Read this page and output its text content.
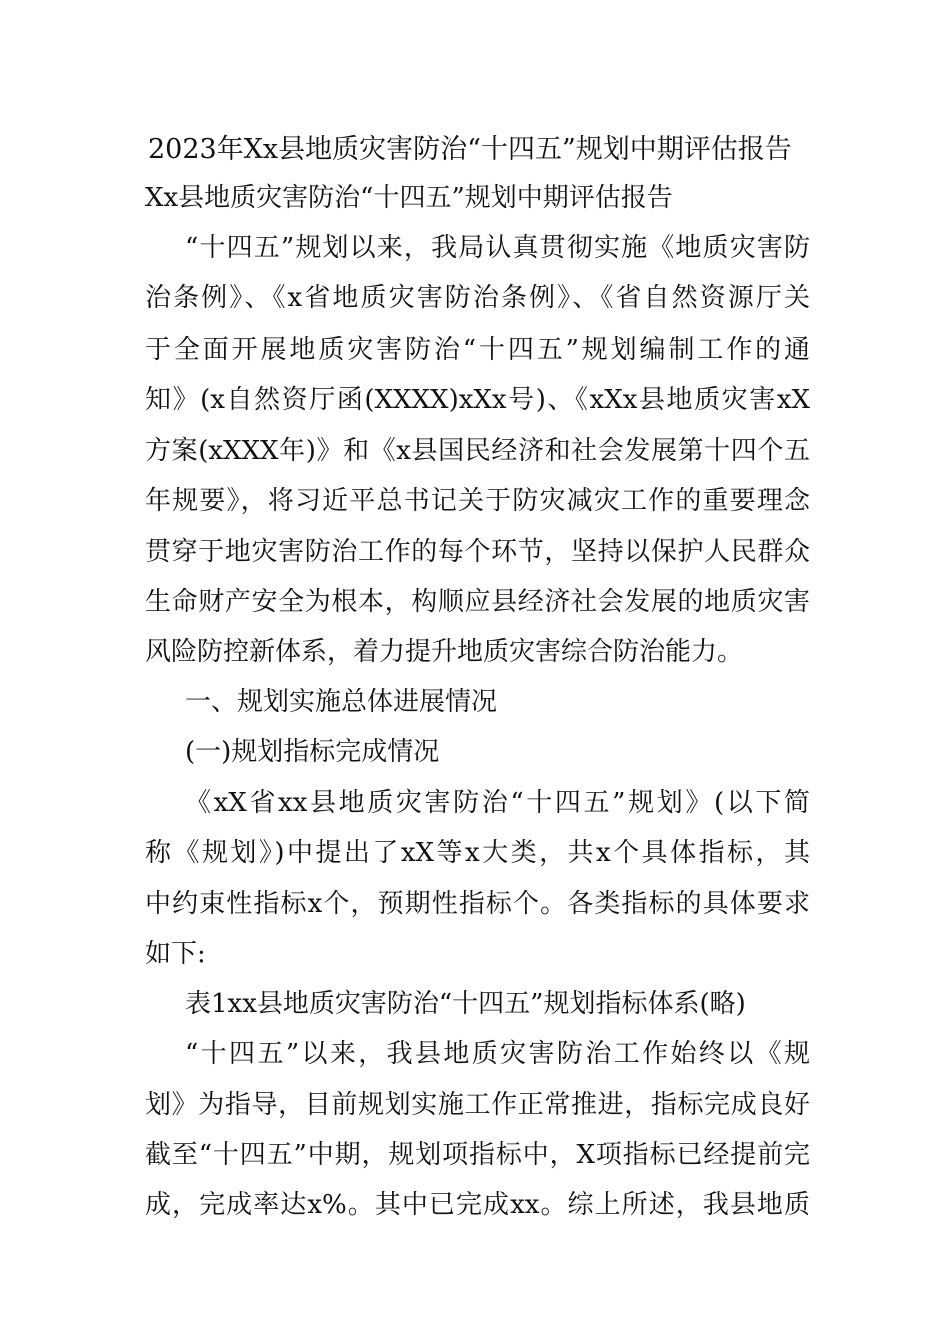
2023年Xx县地质灾害防治“十四五”规划中期评估报告
Xx县地质灾害防治“十四五”规划中期评估报告
“十四五”规划以来，我局认真贯彻实施《地质灾害防
治条例》、《x省地质灾害防治条例》、《省自然资源厅关
于全面开展地质灾害防治“十四五”规划编制工作的通
知》(x自然资厅函(XXXX)xXx号)、《xXx县地质灾害xX
方案(xXXX年)》和《x县国民经济和社会发展第十四个五
年规要》，将习近平总书记关于防灾减灾工作的重要理念
贯穿于地灾害防治工作的每个环节，坚持以保护人民群众
生命财产安全为根本，构顺应县经济社会发展的地质灾害
风险防控新体系，着力提升地质灾害综合防治能力。
一、规划实施总体进展情况
(一)规划指标完成情况
《xX省xx县地质灾害防治“十四五”规划》(以下简
称《规划》)中提出了xX等x大类，共x个具体指标，其
中约束性指标x个，预期性指标个。各类指标的具体要求
如下:
表1xx县地质灾害防治“十四五”规划指标体系(略)
“十四五”以来，我县地质灾害防治工作始终以《规
划》为指导，目前规划实施工作正常推进，指标完成良好
截至“十四五”中期，规划项指标中，X项指标已经提前完
成，完成率达x%。其中已完成xx。综上所述，我县地质
